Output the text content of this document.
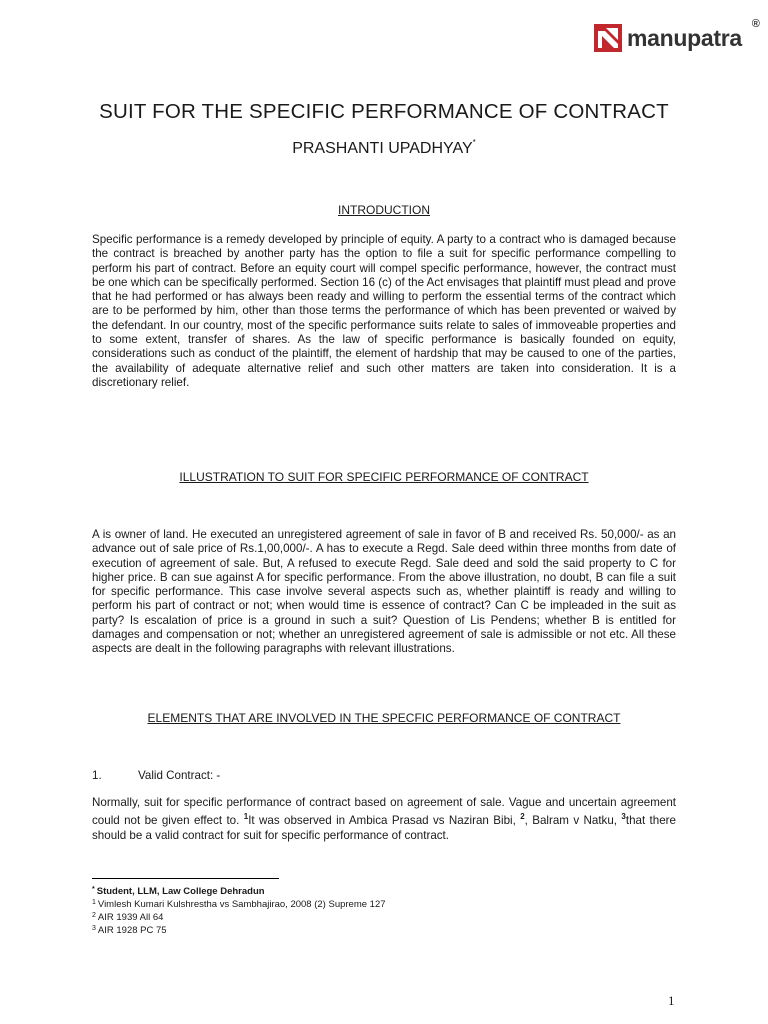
manupatra
®
SUIT FOR THE SPECIFIC PERFORMANCE OF CONTRACT
PRASHANTI UPADHYAY*
INTRODUCTION

Specific performance is a remedy developed by principle of equity. A party to a contract who is damaged because the contract is breached by another party has the option to file a suit for specific performance compelling to perform his part of contract. Before an equity court will compel specific performance, however, the contract must be one which can be specifically performed. Section 16 (c) of the Act envisages that plaintiff must plead and prove that he had performed or has always been ready and willing to perform the essential terms of the contract which are to be performed by him, other than those terms the performance of which has been prevented or waived by the defendant. In our country, most of the specific performance suits relate to sales of immoveable properties and to some extent, transfer of shares. As the law of specific performance is basically founded on equity, considerations such as conduct of the plaintiff, the element of hardship that may be caused to one of the parties, the availability of adequate alternative relief and such other matters are taken into consideration. It is a discretionary relief.

ILLUSTRATION TO SUIT FOR SPECIFIC PERFORMANCE OF CONTRACT

A is owner of land. He executed an unregistered agreement of sale in favor of B and received Rs. 50,000/- as an advance out of sale price of Rs.1,00,000/-. A has to execute a Regd. Sale deed within three months from date of execution of agreement of sale. But, A refused to execute Regd. Sale deed and sold the said property to C for higher price. B can sue against A for specific performance. From the above illustration, no doubt, B can file a suit for specific performance. This case involve several aspects such as, whether plaintiff is ready and willing to perform his part of contract or not; when would time is essence of contract? Can C be impleaded in the suit as party? Is escalation of price is a ground in such a suit? Question of Lis Pendens; whether B is entitled for damages and compensation or not; whether an unregistered agreement of sale is admissible or not etc. All these aspects are dealt in the following paragraphs with relevant illustrations.

ELEMENTS THAT ARE INVOLVED IN THE SPECFIC PERFORMANCE OF CONTRACT
1.	Valid Contract: -

Normally, suit for specific performance of contract based on agreement of sale. Vague and uncertain agreement could not be given effect to. $^1$It was observed in Ambica Prasad vs Naziran Bibi, $^2$, Balram v Natku, $^3$that there should be a valid contract for suit for specific performance of contract.

* Student, LLM, Law College Dehradun
$^1$ Vimlesh Kumari Kulshrestha vs Sambhajirao, 2008 (2) Supreme 127
$^2$ AIR 1939 All 64
$^3$ AIR 1928 PC 75
1
